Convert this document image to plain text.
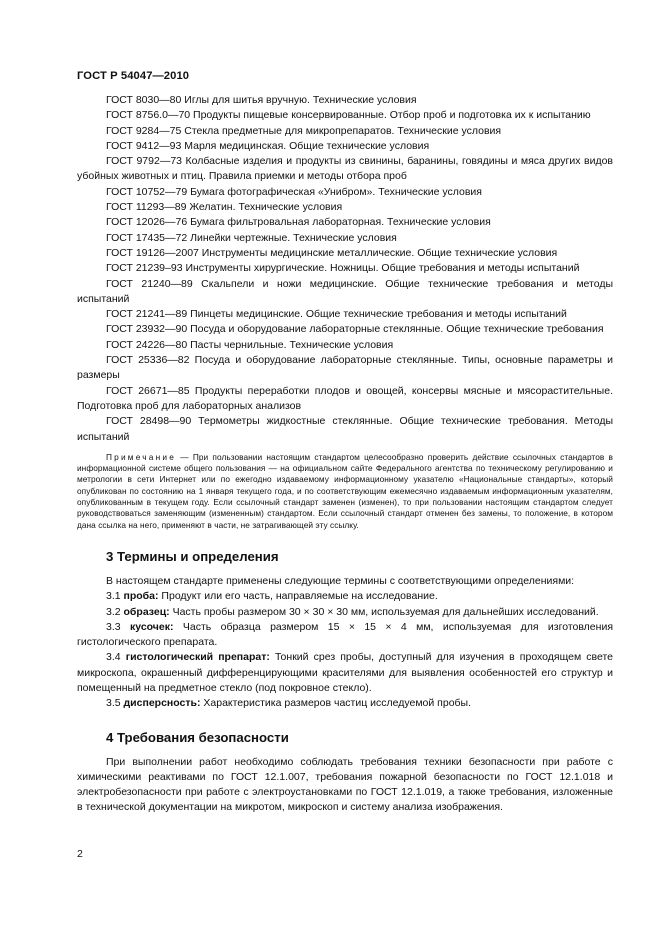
ГОСТ Р 54047—2010

ГОСТ 8030—80 Иглы для шитья вручную. Технические условия

ГОСТ 8756.0—70 Продукты пищевые консервированные. Отбор проб и подготовка их к испытанию

ГОСТ 9284—75 Стекла предметные для микропрепаратов. Технические условия

ГОСТ 9412—93 Марля медицинская. Общие технические условия

ГОСТ 9792—73 Колбасные изделия и продукты из свинины, баранины, говядины и мяса других видов убойных животных и птиц. Правила приемки и методы отбора проб

ГОСТ 10752—79 Бумага фотографическая «Унибром». Технические условия

ГОСТ 11293—89 Желатин. Технические условия

ГОСТ 12026—76 Бумага фильтровальная лабораторная. Технические условия

ГОСТ 17435—72 Линейки чертежные. Технические условия

ГОСТ 19126—2007 Инструменты медицинские металлические. Общие технические условия

ГОСТ 21239–93 Инструменты хирургические. Ножницы. Общие требования и методы испытаний

ГОСТ 21240—89 Скальпели и ножи медицинские. Общие технические требования и методы испытаний

ГОСТ 21241—89 Пинцеты медицинские. Общие технические требования и методы испытаний

ГОСТ 23932—90 Посуда и оборудование лабораторные стеклянные. Общие технические требования

ГОСТ 24226—80 Пасты чернильные. Технические условия

ГОСТ 25336—82 Посуда и оборудование лабораторные стеклянные. Типы, основные параметры и размеры

ГОСТ 26671—85 Продукты переработки плодов и овощей, консервы мясные и мясорастительные. Подготовка проб для лабораторных анализов

ГОСТ 28498—90 Термометры жидкостные стеклянные. Общие технические требования. Методы испытаний

Примечание — При пользовании настоящим стандартом целесообразно проверить действие ссылочных стандартов в информационной системе общего пользования — на официальном сайте Федерального агентства по техническому регулированию и метрологии в сети Интернет или по ежегодно издаваемому информационному указателю «Национальные стандарты», который опубликован по состоянию на 1 января текущего года, и по соответствующим ежемесячно издаваемым информационным указателям, опубликованным в текущем году. Если ссылочный стандарт заменен (изменен), то при пользовании настоящим стандартом следует руководствоваться заменяющим (измененным) стандартом. Если ссылочный стандарт отменен без замены, то положение, в котором дана ссылка на него, применяют в части, не затрагивающей эту ссылку.

3 Термины и определения

В настоящем стандарте применены следующие термины с соответствующими определениями:

3.1 проба: Продукт или его часть, направляемые на исследование.

3.2 образец: Часть пробы размером 30 × 30 × 30 мм, используемая для дальнейших исследований.

3.3 кусочек: Часть образца размером 15 × 15 × 4 мм, используемая для изготовления гистологического препарата.

3.4 гистологический препарат: Тонкий срез пробы, доступный для изучения в проходящем свете микроскопа, окрашенный дифференцирующими красителями для выявления особенностей его структур и помещенный на предметное стекло (под покровное стекло).

3.5 дисперсность: Характеристика размеров частиц исследуемой пробы.

4 Требования безопасности

При выполнении работ необходимо соблюдать требования техники безопасности при работе с химическими реактивами по ГОСТ 12.1.007, требования пожарной безопасности по ГОСТ 12.1.018 и электробезопасности при работе с электроустановками по ГОСТ 12.1.019, а также требования, изложенные в технической документации на микротом, микроскоп и систему анализа изображения.

2
